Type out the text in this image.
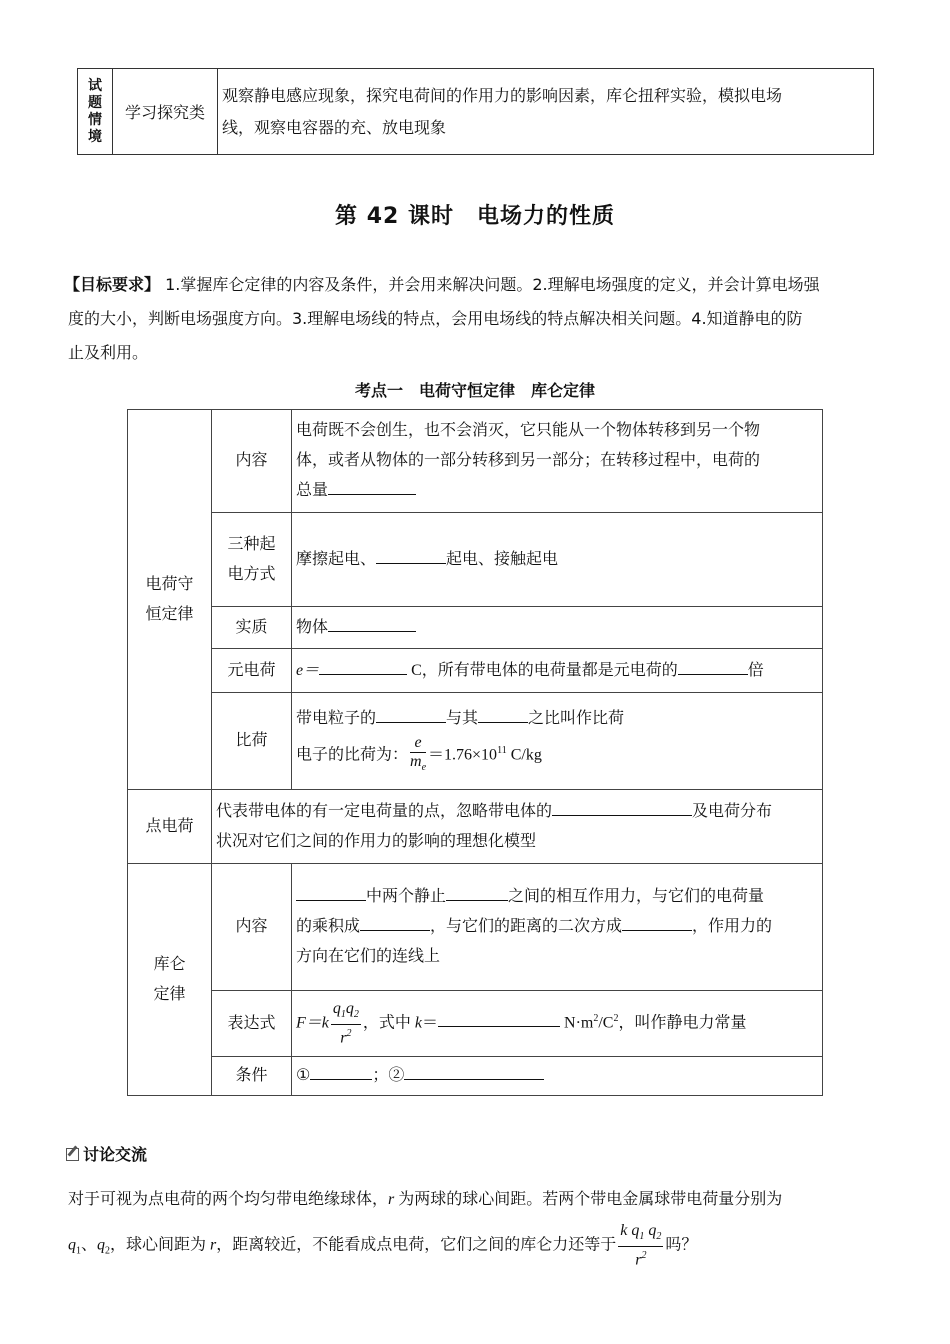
试
题
情
境	学习探究类	观察静电感应现象，探究电荷间的作用力的影响因素，库仑扭秤实验，模拟电场
线，观察电容器的充、放电现象
第 42 课时　电场力的性质

【目标要求】 1.掌握库仑定律的内容及条件，并会用来解决问题。2.理解电场强度的定义，并会计算电场强

度的大小，判断电场强度方向。3.理解电场线的特点，会用电场线的特点解决相关问题。4.知道静电的防

止及利用。

考点一　电荷守恒定律　库仑定律
电荷守
恒定律	内容	电荷既不会创生，也不会消灭，它只能从一个物体转移到另一个物
体，或者从物体的一部分转移到另一部分；在转移过程中，电荷的
总量
	三种起
电方式	摩擦起电、 起电、接触起电
	实质	物体
	元电荷	e＝ C，所有带电体的电荷量都是元电荷的 倍
	比荷	带电粒子的 与其 之比叫作比荷
电子的比荷为： $\frac{e}{m_e} =1.76\times 10^{11}$ C/kg
点电荷	代表带电体的有一定电荷量的点，忽略带电体的 及电荷分布
状况对它们之间的作用力的影响的理想化模型	
库仑
定律	内容	中两个静止 之间的相互作用力，与它们的电荷量
的乘积成 ，与它们的距离的二次方成 ，作用力的
方向在它们的连线上
	表达式	$F=k \frac{q_1q_2}{r^2}$ ，式中 $k= N\cdot m^2/C^2$，叫作静电力常量
	条件	① ；②
讨论交流
对于可视为点电荷的两个均匀带电绝缘球体，r 为两球的球心间距。若两个带电金属球带电荷量分别为
$q_1$、$q_2$，球心间距为 r，距离较近，不能看成点电荷，它们之间的库仑力还等于 $\frac{k q_1 q_2}{r^2}$ 吗？
